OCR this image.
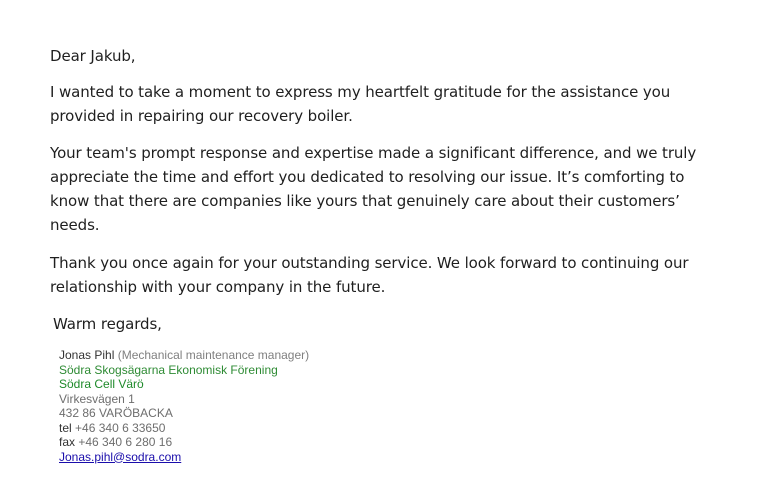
Dear Jakub,
I wanted to take a moment to express my heartfelt gratitude for the assistance you
provided in repairing our recovery boiler.
Your team's prompt response and expertise made a significant difference, and we truly
appreciate the time and effort you dedicated to resolving our issue. It’s comforting to
know that there are companies like yours that genuinely care about their customers’
needs.
Thank you once again for your outstanding service. We look forward to continuing our
relationship with your company in the future.
Warm regards,
Jonas Pihl (Mechanical maintenance manager)
Södra Skogsägarna Ekonomisk Förening
Södra Cell Värö
Virkesvägen 1
432 86 VARÖBACKA
tel +46 340 6 33650
fax +46 340 6 280 16
Jonas.pihl@sodra.com
